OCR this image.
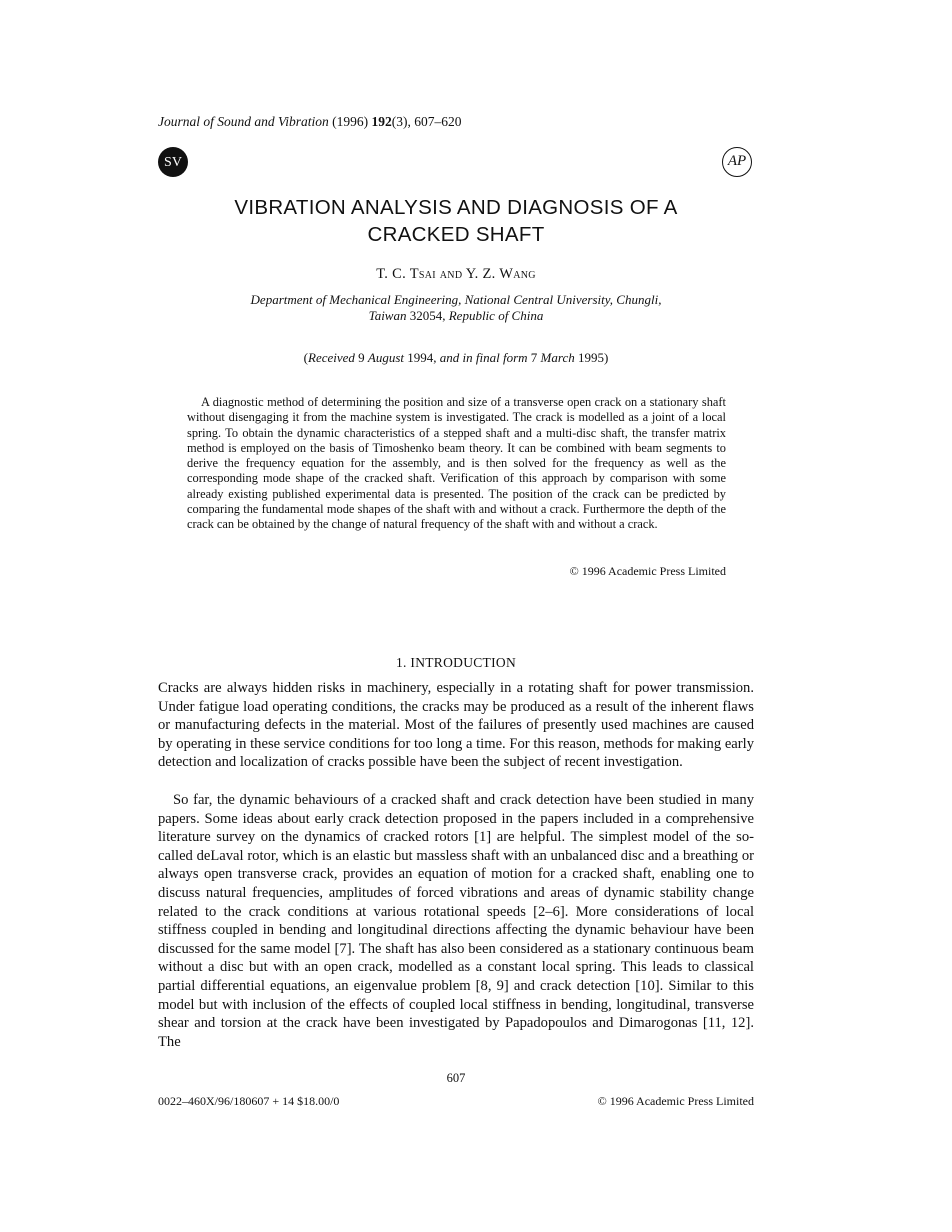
Journal of Sound and Vibration (1996) 192(3), 607–620
SV	AP
VIBRATION ANALYSIS AND DIAGNOSIS OF A
CRACKED SHAFT
T. C. Tsai and Y. Z. Wang
Department of Mechanical Engineering, National Central University, Chungli,
Taiwan 32054, Republic of China
(Received 9 August 1994, and in final form 7 March 1995)
A diagnostic method of determining the position and size of a transverse open crack on a stationary shaft without disengaging it from the machine system is investigated. The crack is modelled as a joint of a local spring. To obtain the dynamic characteristics of a stepped shaft and a multi-disc shaft, the transfer matrix method is employed on the basis of Timoshenko beam theory. It can be combined with beam segments to derive the frequency equation for the assembly, and is then solved for the frequency as well as the corresponding mode shape of the cracked shaft. Verification of this approach by comparison with some already existing published experimental data is presented. The position of the crack can be predicted by comparing the fundamental mode shapes of the shaft with and without a crack. Furthermore the depth of the crack can be obtained by the change of natural frequency of the shaft with and without a crack.
© 1996 Academic Press Limited
1. INTRODUCTION
Cracks are always hidden risks in machinery, especially in a rotating shaft for power transmission. Under fatigue load operating conditions, the cracks may be produced as a result of the inherent flaws or manufacturing defects in the material. Most of the failures of presently used machines are caused by operating in these service conditions for too long a time. For this reason, methods for making early detection and localization of cracks possible have been the subject of recent investigation.
So far, the dynamic behaviours of a cracked shaft and crack detection have been studied in many papers. Some ideas about early crack detection proposed in the papers included in a comprehensive literature survey on the dynamics of cracked rotors [1] are helpful. The simplest model of the so-called deLaval rotor, which is an elastic but massless shaft with an unbalanced disc and a breathing or always open transverse crack, provides an equation of motion for a cracked shaft, enabling one to discuss natural frequencies, amplitudes of forced vibrations and areas of dynamic stability change related to the crack conditions at various rotational speeds [2–6]. More considerations of local stiffness coupled in bending and longitudinal directions affecting the dynamic behaviour have been discussed for the same model [7]. The shaft has also been considered as a stationary continuous beam without a disc but with an open crack, modelled as a constant local spring. This leads to classical partial differential equations, an eigenvalue problem [8, 9] and crack detection [10]. Similar to this model but with inclusion of the effects of coupled local stiffness in bending, longitudinal, transverse shear and torsion at the crack have been investigated by Papadopoulos and Dimarogonas [11, 12]. The
607
0022–460X/96/180607 + 14 $18.00/0	© 1996 Academic Press Limited
